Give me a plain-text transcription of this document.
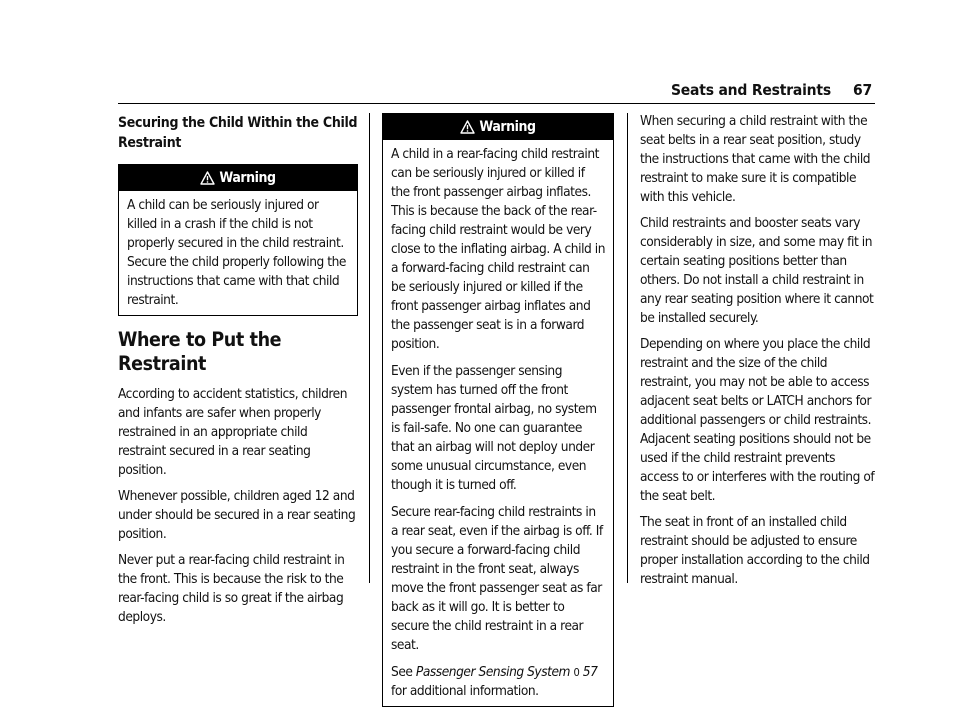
Seats and Restraints 67
Securing the Child Within the Child Restraint
Warning

A child can be seriously injured or killed in a crash if the child is not properly secured in the child restraint. Secure the child properly following the instructions that came with that child restraint.

Where to Put the Restraint

According to accident statistics, children and infants are safer when properly restrained in an appropriate child restraint secured in a rear seating position.

Whenever possible, children aged 12 and under should be secured in a rear seating position.

Never put a rear-facing child restraint in the front. This is because the risk to the rear-facing child is so great if the airbag deploys.

Warning

A child in a rear-facing child restraint can be seriously injured or killed if the front passenger airbag inflates. This is because the back of the rear-facing child restraint would be very close to the inflating airbag. A child in a forward-facing child restraint can be seriously injured or killed if the front passenger airbag inflates and the passenger seat is in a forward position.

Even if the passenger sensing system has turned off the front passenger frontal airbag, no system is fail-safe. No one can guarantee that an airbag will not deploy under some unusual circumstance, even though it is turned off.

Secure rear-facing child restraints in a rear seat, even if the airbag is off. If you secure a forward-facing child restraint in the front seat, always move the front passenger seat as far back as it will go. It is better to secure the child restraint in a rear seat.

See Passenger Sensing System 0 57 for additional information.

When securing a child restraint with the seat belts in a rear seat position, study the instructions that came with the child restraint to make sure it is compatible with this vehicle.

Child restraints and booster seats vary considerably in size, and some may fit in certain seating positions better than others. Do not install a child restraint in any rear seating position where it cannot be installed securely.

Depending on where you place the child restraint and the size of the child restraint, you may not be able to access adjacent seat belts or LATCH anchors for additional passengers or child restraints. Adjacent seating positions should not be used if the child restraint prevents access to or interferes with the routing of the seat belt.

The seat in front of an installed child restraint should be adjusted to ensure proper installation according to the child restraint manual.
